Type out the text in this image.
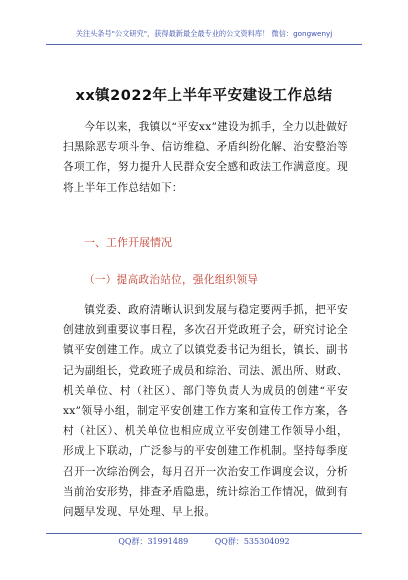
关注头条号"公文研究"，获得最新最全最专业的公文资料库！ 微信：gongwenyj
xx镇2022年上半年平安建设工作总结

今年以来，我镇以“平安xx”建设为抓手，全力以赴做好扫黑除恶专项斗争、信访维稳、矛盾纠纷化解、治安整治等各项工作，努力提升人民群众安全感和政法工作满意度。现将上半年工作总结如下：

一、工作开展情况
（一）提高政治站位，强化组织领导

镇党委、政府清晰认识到发展与稳定要两手抓，把平安创建放到重要议事日程，多次召开党政班子会，研究讨论全镇平安创建工作。成立了以镇党委书记为组长，镇长、副书记为副组长，党政班子成员和综治、司法、派出所、财政、机关单位、村（社区）、部门等负责人为成员的创建“平安xx”领导小组，制定平安创建工作方案和宣传工作方案，各村（社区）、机关单位也相应成立平安创建工作领导小组，形成上下联动，广泛参与的平安创建工作机制。坚持每季度召开一次综治例会，每月召开一次治安工作调度会议，分析当前治安形势，排查矛盾隐患，统计综治工作情况，做到有问题早发现、早处理、早上报。

QQ群：31991489	QQ群：535304092
